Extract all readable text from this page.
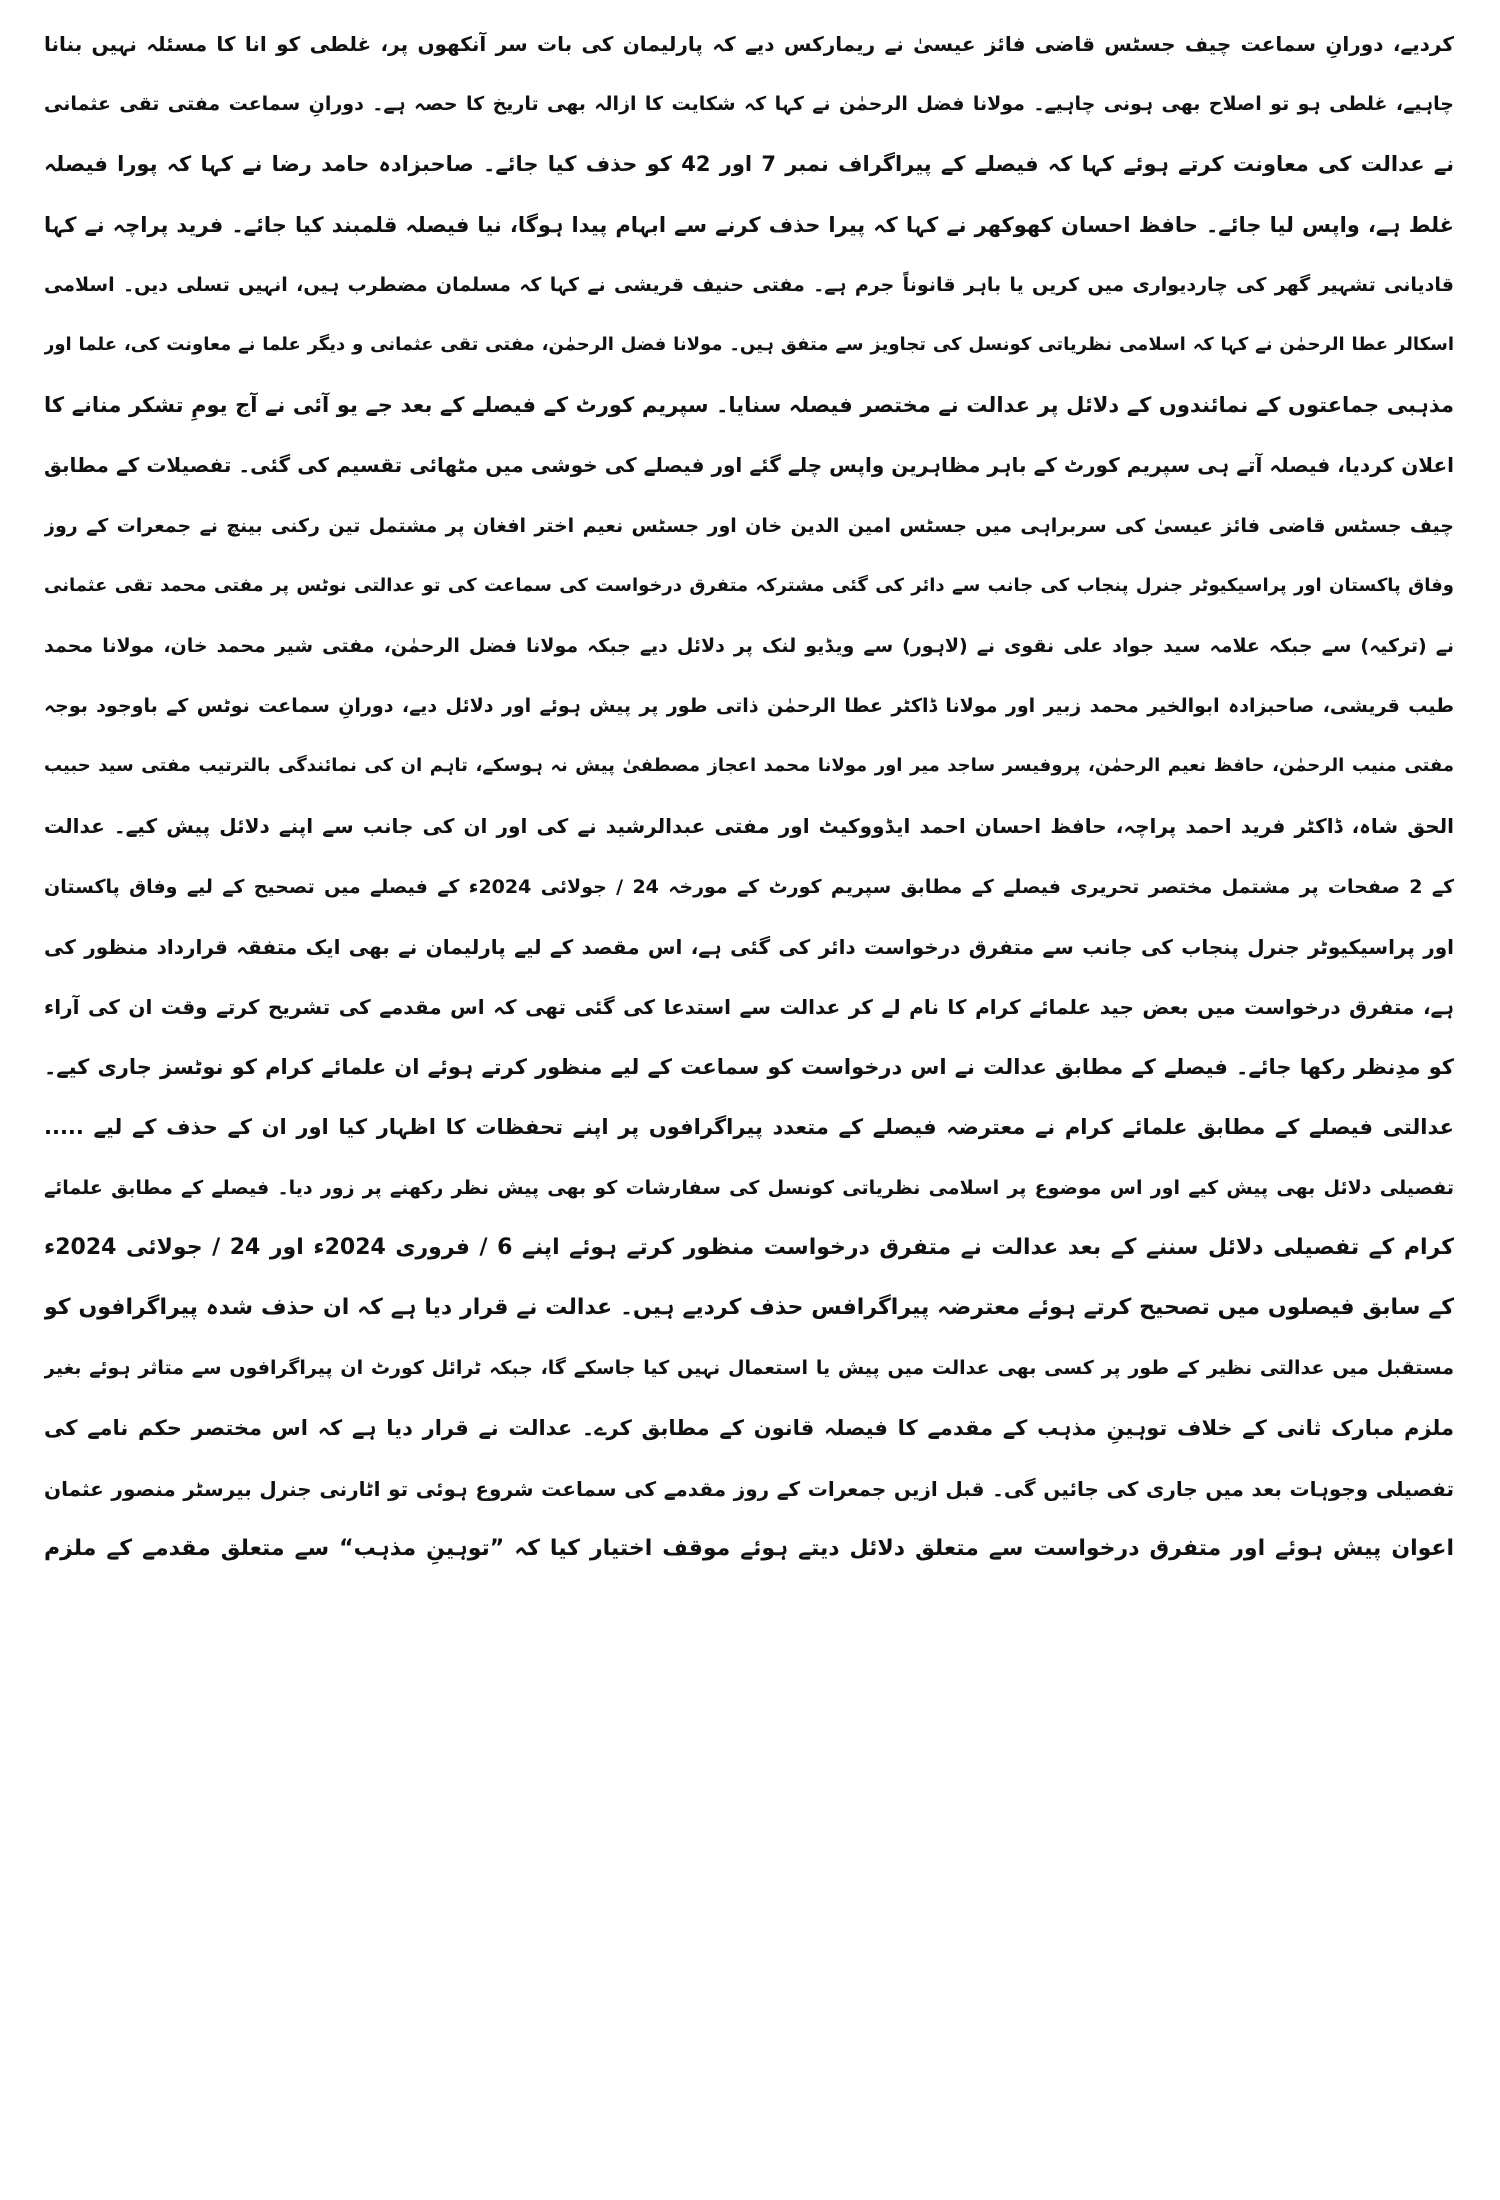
کردیے، دورانِ سماعت چیف جسٹس قاضی فائز عیسیٰ نے ریمارکس دیے کہ پارلیمان کی بات سر آنکھوں پر، غلطی کو انا کا مسئلہ نہیں بنانا
چاہیے، غلطی ہو تو اصلاح بھی ہونی چاہیے۔ مولانا فضل الرحمٰن نے کہا کہ شکایت کا ازالہ بھی تاریخ کا حصہ ہے۔ دورانِ سماعت مفتی تقی عثمانی
نے عدالت کی معاونت کرتے ہوئے کہا کہ فیصلے کے پیراگراف نمبر 7 اور 42 کو حذف کیا جائے۔ صاحبزادہ حامد رضا نے کہا کہ پورا فیصلہ
غلط ہے، واپس لیا جائے۔ حافظ احسان کھوکھر نے کہا کہ پیرا حذف کرنے سے ابہام پیدا ہوگا، نیا فیصلہ قلمبند کیا جائے۔ فرید پراچہ نے کہا
قادیانی تشہیر گھر کی چاردیواری میں کریں یا باہر قانوناً جرم ہے۔ مفتی حنیف قریشی نے کہا کہ مسلمان مضطرب ہیں، انہیں تسلی دیں۔ اسلامی
اسکالر عطا الرحمٰن نے کہا کہ اسلامی نظریاتی کونسل کی تجاویز سے متفق ہیں۔ مولانا فضل الرحمٰن، مفتی تقی عثمانی و دیگر علما نے معاونت کی، علما اور
مذہبی جماعتوں کے نمائندوں کے دلائل پر عدالت نے مختصر فیصلہ سنایا۔ سپریم کورٹ کے فیصلے کے بعد جے یو آئی نے آج یومِ تشکر منانے کا
اعلان کردیا، فیصلہ آتے ہی سپریم کورٹ کے باہر مظاہرین واپس چلے گئے اور فیصلے کی خوشی میں مٹھائی تقسیم کی گئی۔ تفصیلات کے مطابق
چیف جسٹس قاضی فائز عیسیٰ کی سربراہی میں جسٹس امین الدین خان اور جسٹس نعیم اختر افغان پر مشتمل تین رکنی بینچ نے جمعرات کے روز
وفاق پاکستان اور پراسیکیوٹر جنرل پنجاب کی جانب سے دائر کی گئی مشترکہ متفرق درخواست کی سماعت کی تو عدالتی نوٹس پر مفتی محمد تقی عثمانی
نے (ترکیہ) سے جبکہ علامہ سید جواد علی نقوی نے (لاہور) سے ویڈیو لنک پر دلائل دیے جبکہ مولانا فضل الرحمٰن، مفتی شیر محمد خان، مولانا محمد
طیب قریشی، صاحبزادہ ابوالخیر محمد زبیر اور مولانا ڈاکٹر عطا الرحمٰن ذاتی طور پر پیش ہوئے اور دلائل دیے، دورانِ سماعت نوٹس کے باوجود بوجہ
مفتی منیب الرحمٰن، حافظ نعیم الرحمٰن، پروفیسر ساجد میر اور مولانا محمد اعجاز مصطفیٰ پیش نہ ہوسکے، تاہم ان کی نمائندگی بالترتیب مفتی سید حبیب
الحق شاہ، ڈاکٹر فرید احمد پراچہ، حافظ احسان احمد ایڈووکیٹ اور مفتی عبدالرشید نے کی اور ان کی جانب سے اپنے دلائل پیش کیے۔ عدالت
کے 2 صفحات پر مشتمل مختصر تحریری فیصلے کے مطابق سپریم کورٹ کے مورخہ 24 / جولائی 2024ء کے فیصلے میں تصحیح کے لیے وفاق پاکستان
اور پراسیکیوٹر جنرل پنجاب کی جانب سے متفرق درخواست دائر کی گئی ہے، اس مقصد کے لیے پارلیمان نے بھی ایک متفقہ قرارداد منظور کی
ہے، متفرق درخواست میں بعض جید علمائے کرام کا نام لے کر عدالت سے استدعا کی گئی تھی کہ اس مقدمے کی تشریح کرتے وقت ان کی آراء
کو مدِنظر رکھا جائے۔ فیصلے کے مطابق عدالت نے اس درخواست کو سماعت کے لیے منظور کرتے ہوئے ان علمائے کرام کو نوٹسز جاری کیے۔
عدالتی فیصلے کے مطابق علمائے کرام نے معترضہ فیصلے کے متعدد پیراگرافوں پر اپنے تحفظات کا اظہار کیا اور ان کے حذف کے لیے .....
تفصیلی دلائل بھی پیش کیے اور اس موضوع پر اسلامی نظریاتی کونسل کی سفارشات کو بھی پیش نظر رکھنے پر زور دیا۔ فیصلے کے مطابق علمائے
کرام کے تفصیلی دلائل سننے کے بعد عدالت نے متفرق درخواست منظور کرتے ہوئے اپنے 6 / فروری 2024ء اور 24 / جولائی 2024ء
کے سابق فیصلوں میں تصحیح کرتے ہوئے معترضہ پیراگرافس حذف کردیے ہیں۔ عدالت نے قرار دیا ہے کہ ان حذف شدہ پیراگرافوں کو
مستقبل میں عدالتی نظیر کے طور پر کسی بھی عدالت میں پیش یا استعمال نہیں کیا جاسکے گا، جبکہ ٹرائل کورٹ ان پیراگرافوں سے متاثر ہوئے بغیر
ملزم مبارک ثانی کے خلاف توہینِ مذہب کے مقدمے کا فیصلہ قانون کے مطابق کرے۔ عدالت نے قرار دیا ہے کہ اس مختصر حکم نامے کی
تفصیلی وجوہات بعد میں جاری کی جائیں گی۔ قبل ازیں جمعرات کے روز مقدمے کی سماعت شروع ہوئی تو اٹارنی جنرل بیرسٹر منصور عثمان
اعوان پیش ہوئے اور متفرق درخواست سے متعلق دلائل دیتے ہوئے موقف اختیار کیا کہ ”توہینِ مذہب“ سے متعلق مقدمے کے ملزم
